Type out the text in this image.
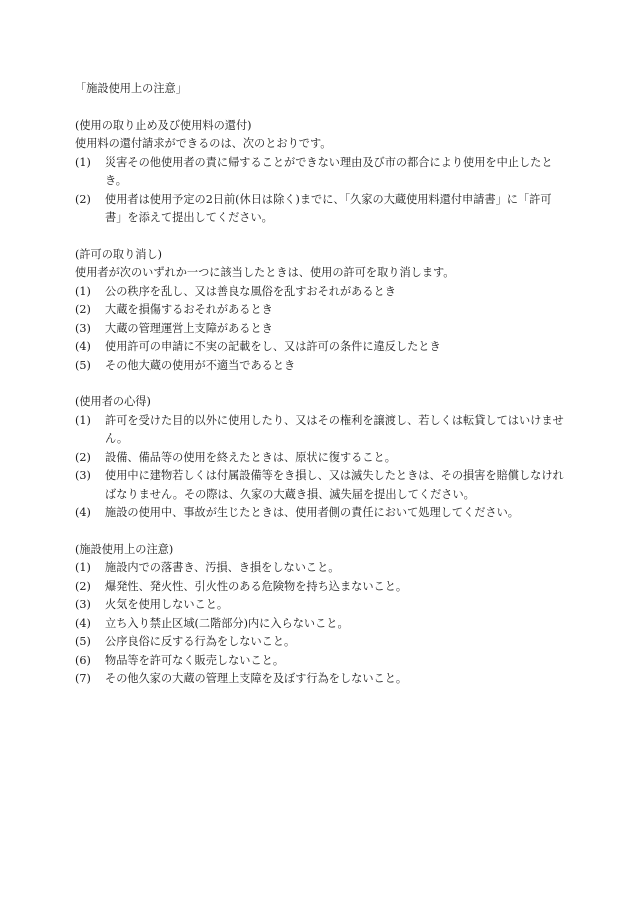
「施設使用上の注意」

(使用の取り止め及び使用料の還付)

使用料の還付請求ができるのは、次のとおりです。

(1)	災害その他使用者の責に帰することができない理由及び市の都合により使用を中止したとき。
(2)	使用者は使用予定の2日前(休日は除く)までに、「久家の大蔵使用料還付申請書」に「許可書」を添えて提出してください。

(許可の取り消し)

使用者が次のいずれか一つに該当したときは、使用の許可を取り消します。

(1)	公の秩序を乱し、又は善良な風俗を乱すおそれがあるとき
(2)	大蔵を損傷するおそれがあるとき
(3)	大蔵の管理運営上支障があるとき
(4)	使用許可の申請に不実の記載をし、又は許可の条件に違反したとき
(5)	その他大蔵の使用が不適当であるとき

(使用者の心得)

(1)	許可を受けた目的以外に使用したり、又はその権利を譲渡し、若しくは転貸してはいけません。
(2)	設備、備品等の使用を終えたときは、原状に復すること。
(3)	使用中に建物若しくは付属設備等をき損し、又は滅失したときは、その損害を賠償しなければなりません。その際は、久家の大蔵き損、滅失届を提出してください。
(4)	施設の使用中、事故が生じたときは、使用者側の責任において処理してください。

(施設使用上の注意)

(1)	施設内での落書き、汚損、き損をしないこと。
(2)	爆発性、発火性、引火性のある危険物を持ち込まないこと。
(3)	火気を使用しないこと。
(4)	立ち入り禁止区域(二階部分)内に入らないこと。
(5)	公序良俗に反する行為をしないこと。
(6)	物品等を許可なく販売しないこと。
(7)	その他久家の大蔵の管理上支障を及ぼす行為をしないこと。
